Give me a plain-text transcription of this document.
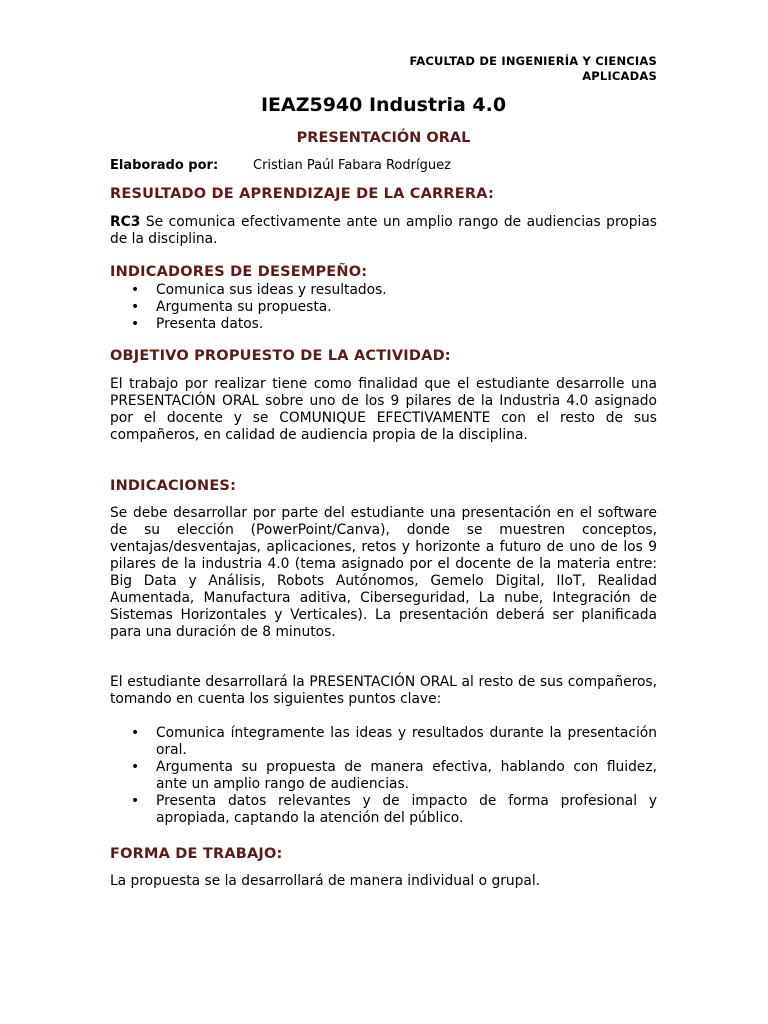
FACULTAD DE INGENIERÍA Y CIENCIAS
APLICADAS
IEAZ5940 Industria 4.0
PRESENTACIÓN ORAL
Elaborado por:	Cristian Paúl Fabara Rodríguez
RESULTADO DE APRENDIZAJE DE LA CARRERA:
RC3 Se comunica efectivamente ante un amplio rango de audiencias propias de la disciplina.
INDICADORES DE DESEMPEÑO:
• Comunica sus ideas y resultados.
• Argumenta su propuesta.
• Presenta datos.
OBJETIVO PROPUESTO DE LA ACTIVIDAD:
El trabajo por realizar tiene como finalidad que el estudiante desarrolle una PRESENTACIÓN ORAL sobre uno de los 9 pilares de la Industria 4.0 asignado por el docente y se COMUNIQUE EFECTIVAMENTE con el resto de sus compañeros, en calidad de audiencia propia de la disciplina.
INDICACIONES:
Se debe desarrollar por parte del estudiante una presentación en el software de su elección (PowerPoint/Canva), donde se muestren conceptos, ventajas/desventajas, aplicaciones, retos y horizonte a futuro de uno de los 9 pilares de la industria 4.0 (tema asignado por el docente de la materia entre: Big Data y Análisis, Robots Autónomos, Gemelo Digital, IIoT, Realidad Aumentada, Manufactura aditiva, Ciberseguridad, La nube, Integración de Sistemas Horizontales y Verticales). La presentación deberá ser planificada para una duración de 8 minutos.
El estudiante desarrollará la PRESENTACIÓN ORAL al resto de sus compañeros, tomando en cuenta los siguientes puntos clave:
• Comunica íntegramente las ideas y resultados durante la presentación oral.
• Argumenta su propuesta de manera efectiva, hablando con fluidez, ante un amplio rango de audiencias.
• Presenta datos relevantes y de impacto de forma profesional y apropiada, captando la atención del público.
FORMA DE TRABAJO:
La propuesta se la desarrollará de manera individual o grupal.
